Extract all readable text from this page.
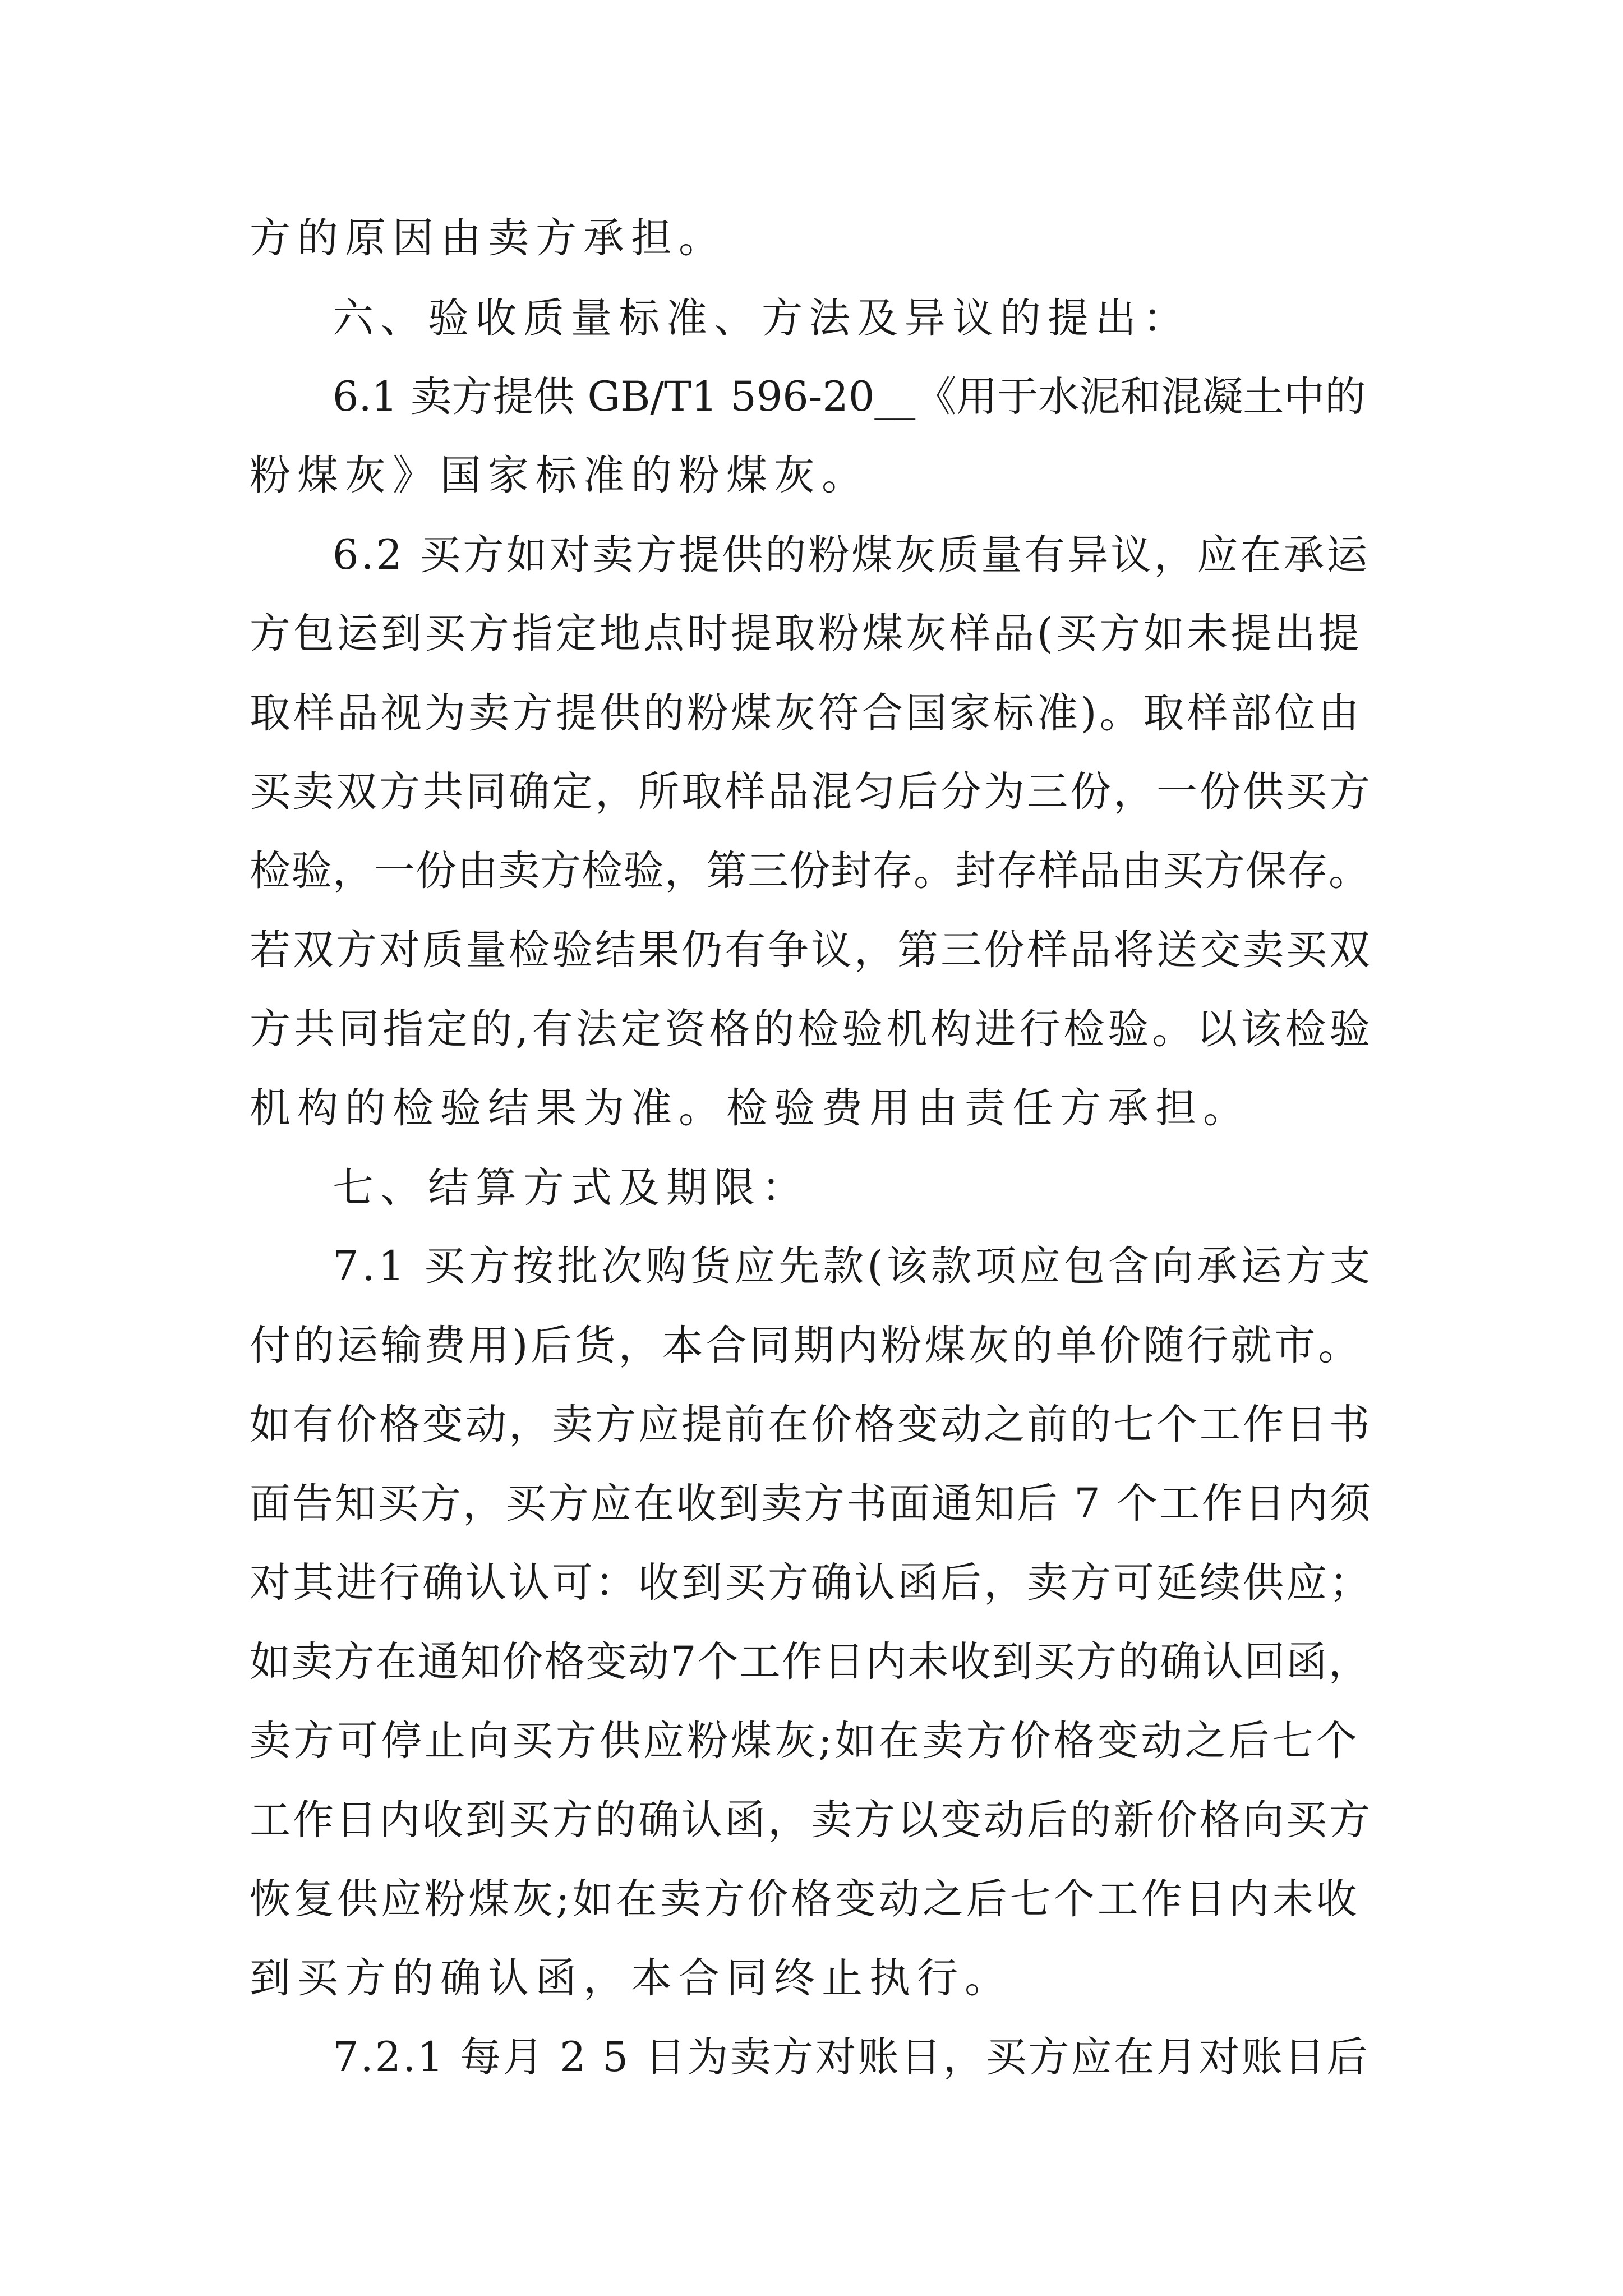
方的原因由卖方承担。
六、验收质量标准、方法及异议的提出：
6.1 卖方提供 GB/T1 596-20__《用于水泥和混凝土中的
粉煤灰》国家标准的粉煤灰。
6.2 买方如对卖方提供的粉煤灰质量有异议，应在承运
方包运到买方指定地点时提取粉煤灰样品(买方如未提出提
取样品视为卖方提供的粉煤灰符合国家标准)。取样部位由
买卖双方共同确定，所取样品混匀后分为三份，一份供买方
检验，一份由卖方检验，第三份封存。封存样品由买方保存。
若双方对质量检验结果仍有争议，第三份样品将送交卖买双
方共同指定的,有法定资格的检验机构进行检验。以该检验
机构的检验结果为准。检验费用由责任方承担。
七、结算方式及期限：
7.1 买方按批次购货应先款(该款项应包含向承运方支
付的运输费用)后货，本合同期内粉煤灰的单价随行就市。
如有价格变动，卖方应提前在价格变动之前的七个工作日书
面告知买方，买方应在收到卖方书面通知后 7 个工作日内须
对其进行确认认可：收到买方确认函后，卖方可延续供应；
如卖方在通知价格变动7个工作日内未收到买方的确认回函，
卖方可停止向买方供应粉煤灰;如在卖方价格变动之后七个
工作日内收到买方的确认函，卖方以变动后的新价格向买方
恢复供应粉煤灰;如在卖方价格变动之后七个工作日内未收
到买方的确认函，本合同终止执行。
7.2.1 每月 2 5 日为卖方对账日，买方应在月对账日后
